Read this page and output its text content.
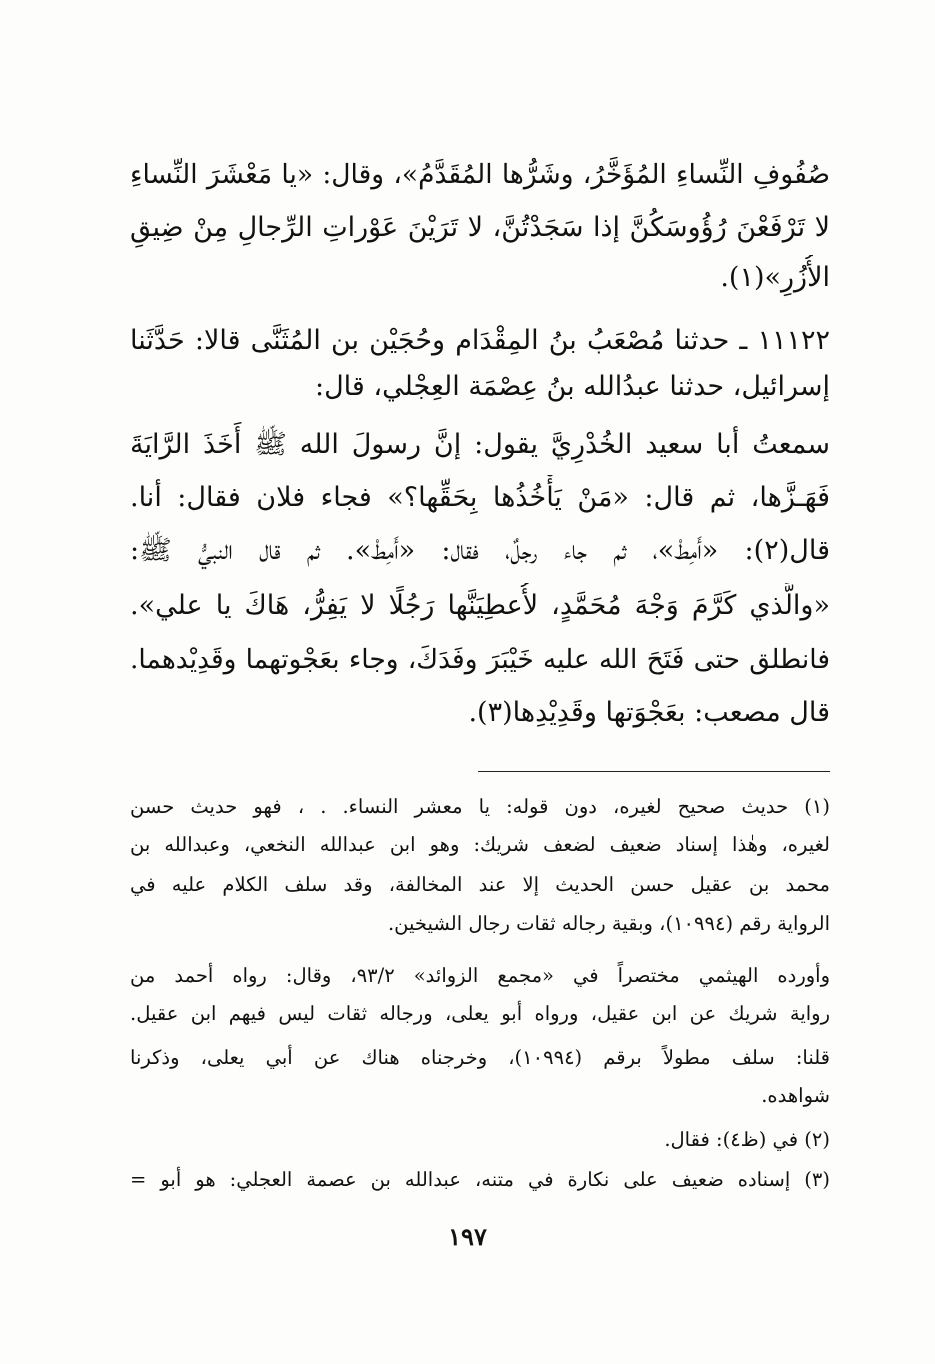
صُفُوفِ النِّساءِ المُؤَخَّرُ، وشَرُّها المُقَدَّمُ»، وقال: «يا مَعْشَرَ النِّساءِ
لا تَرْفَعْنَ رُؤُوسَكُنَّ إذا سَجَدْتُنَّ، لا تَرَيْنَ عَوْراتِ الرِّجالِ مِنْ ضِيقِ
الأُزُرِ»(١).
١١١٢٢ ـ حدثنا مُصْعَبُ بنُ المِقْدَام وحُجَيْن بن المُثَنَّى قالا: حَدَّثَنا
إسرائيل، حدثنا عبدُالله بنُ عِصْمَة العِجْلي، قال:
سمعتُ أبا سعيد الخُدْرِيَّ يقول: إنَّ رسولَ الله ﷺ أَخَذَ الرَّايَةَ
فَهَـزَّها، ثم قال: «مَنْ يَأْخُذُها بِحَقِّها؟» فجاء فلان فقال: أنا.
قال(٢): «أَمِطْ»، ثم جاء رجلٌ، فقال: «أَمِطْ». ثم قال النبيُّ ﷺ:
«والَّذي كَرَّمَ وَجْهَ مُحَمَّدٍ، لأُعطِيَنَّها رَجُلًا لا يَفِرُّ، هَاكَ يا علي».
فانطلق حتى فَتَحَ الله عليه خَيْبَرَ وفَدَكَ، وجاء بعَجْوتهما وقَدِيْدهما.
قال مصعب: بعَجْوَتها وقَدِيْدِها(٣).
(١) حديث صحيح لغيره، دون قوله: يا معشر النساء. . ، فهو حديث حسن
لغيره، وهٰذا إسناد ضعيف لضعف شريك: وهو ابن عبدالله النخعي، وعبدالله بن
محمد بن عقيل حسن الحديث إلا عند المخالفة، وقد سلف الكلام عليه في
الرواية رقم (١٠٩٩٤)، وبقية رجاله ثقات رجال الشيخين.
وأورده الهيثمي مختصراً في «مجمع الزوائد» ٩٣/٢، وقال: رواه أحمد من
رواية شريك عن ابن عقيل، ورواه أبو يعلى، ورجاله ثقات ليس فيهم ابن عقيل.
قلنا: سلف مطولاً برقم (١٠٩٩٤)، وخرجناه هناك عن أبي يعلى، وذكرنا
شواهده.
(٢) في (ظ٤): فقال.
(٣) إسناده ضعيف على نكارة في متنه، عبدالله بن عصمة العجلي: هو أبو =
١٩٧
